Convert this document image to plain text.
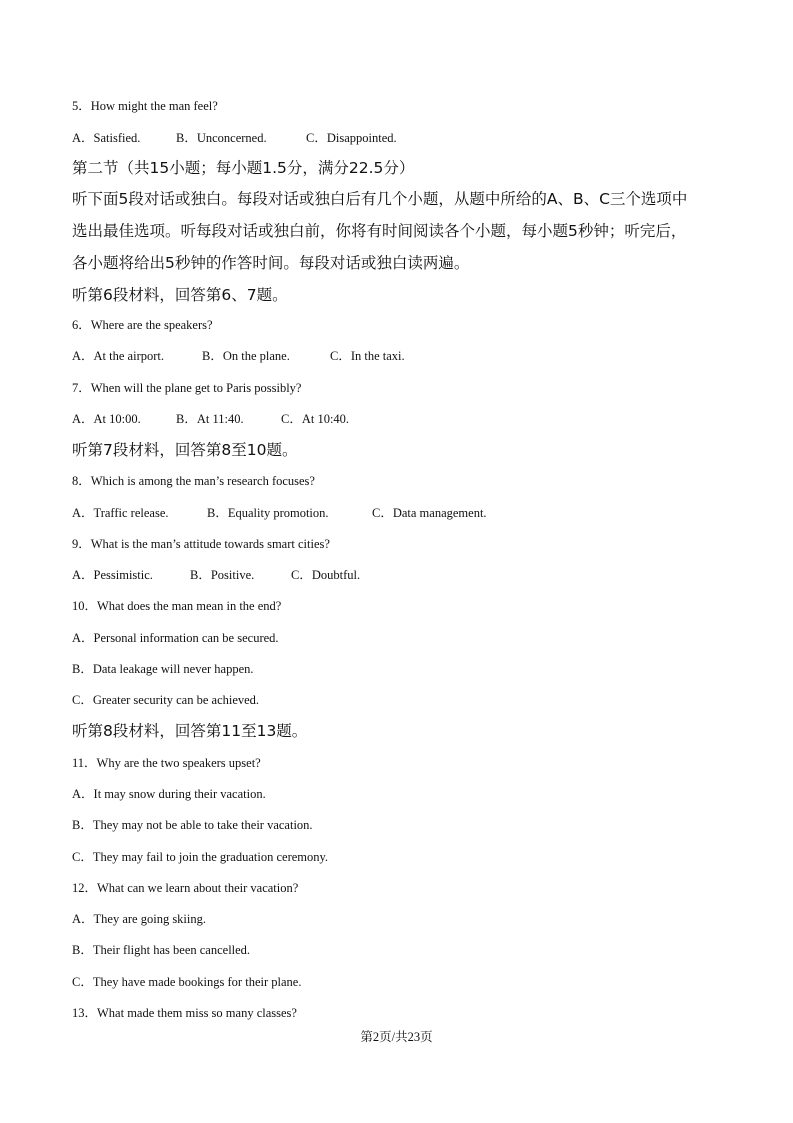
5．How might the man feel?
A．Satisfied.	B．Unconcerned.	C．Disappointed.
第二节（共15小题；每小题1.5分，满分22.5分）
听下面5段对话或独白。每段对话或独白后有几个小题，从题中所给的A、B、C三个选项中
选出最佳选项。听每段对话或独白前，你将有时间阅读各个小题，每小题5秒钟；听完后，
各小题将给出5秒钟的作答时间。每段对话或独白读两遍。
听第6段材料，回答第6、7题。
6．Where are the speakers?
A．At the airport.	B．On the plane.	C．In the taxi.
7．When will the plane get to Paris possibly?
A．At 10:00.	B．At 11:40.	C．At 10:40.
听第7段材料，回答第8至10题。
8．Which is among the man’s research focuses?
A．Traffic release.	B．Equality promotion.	C．Data management.
9．What is the man’s attitude towards smart cities?
A．Pessimistic.	B．Positive.	C．Doubtful.
10．What does the man mean in the end?
A．Personal information can be secured.
B．Data leakage will never happen.
C．Greater security can be achieved.
听第8段材料，回答第11至13题。
11．Why are the two speakers upset?
A．It may snow during their vacation.
B．They may not be able to take their vacation.
C．They may fail to join the graduation ceremony.
12．What can we learn about their vacation?
A．They are going skiing.
B．Their flight has been cancelled.
C．They have made bookings for their plane.
13．What made them miss so many classes?
第2页/共23页
